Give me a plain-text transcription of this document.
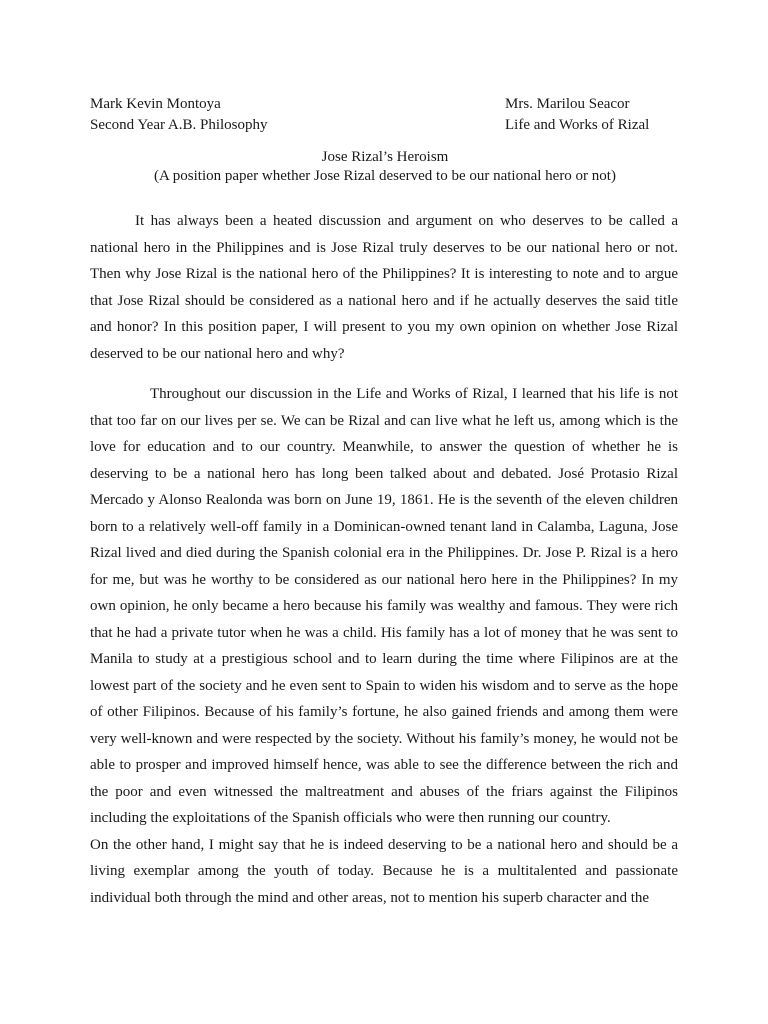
Mark Kevin Montoya	Mrs. Marilou Seacor
Second Year A.B. Philosophy	Life and Works of Rizal
Jose Rizal’s Heroism
(A position paper whether Jose Rizal deserved to be our national hero or not)

It has always been a heated discussion and argument on who deserves to be called a national hero in the Philippines and is Jose Rizal truly deserves to be our national hero or not. Then why Jose Rizal is the national hero of the Philippines? It is interesting to note and to argue that Jose Rizal should be considered as a national hero and if he actually deserves the said title and honor? In this position paper, I will present to you my own opinion on whether Jose Rizal deserved to be our national hero and why?

Throughout our discussion in the Life and Works of Rizal, I learned that his life is not that too far on our lives per se. We can be Rizal and can live what he left us, among which is the love for education and to our country. Meanwhile, to answer the question of whether he is deserving to be a national hero has long been talked about and debated. José Protasio Rizal Mercado y Alonso Realonda was born on June 19, 1861. He is the seventh of the eleven children born to a relatively well-off family in a Dominican-owned tenant land in Calamba, Laguna, Jose Rizal lived and died during the Spanish colonial era in the Philippines. Dr. Jose P. Rizal is a hero for me, but was he worthy to be considered as our national hero here in the Philippines? In my own opinion, he only became a hero because his family was wealthy and famous. They were rich that he had a private tutor when he was a child. His family has a lot of money that he was sent to Manila to study at a prestigious school and to learn during the time where Filipinos are at the lowest part of the society and he even sent to Spain to widen his wisdom and to serve as the hope of other Filipinos. Because of his family’s fortune, he also gained friends and among them were very well-known and were respected by the society. Without his family’s money, he would not be able to prosper and improved himself hence, was able to see the difference between the rich and the poor and even witnessed the maltreatment and abuses of the friars against the Filipinos including the exploitations of the Spanish officials who were then running our country.

On the other hand, I might say that he is indeed deserving to be a national hero and should be a living exemplar among the youth of today. Because he is a multitalented and passionate individual both through the mind and other areas, not to mention his superb character and the
